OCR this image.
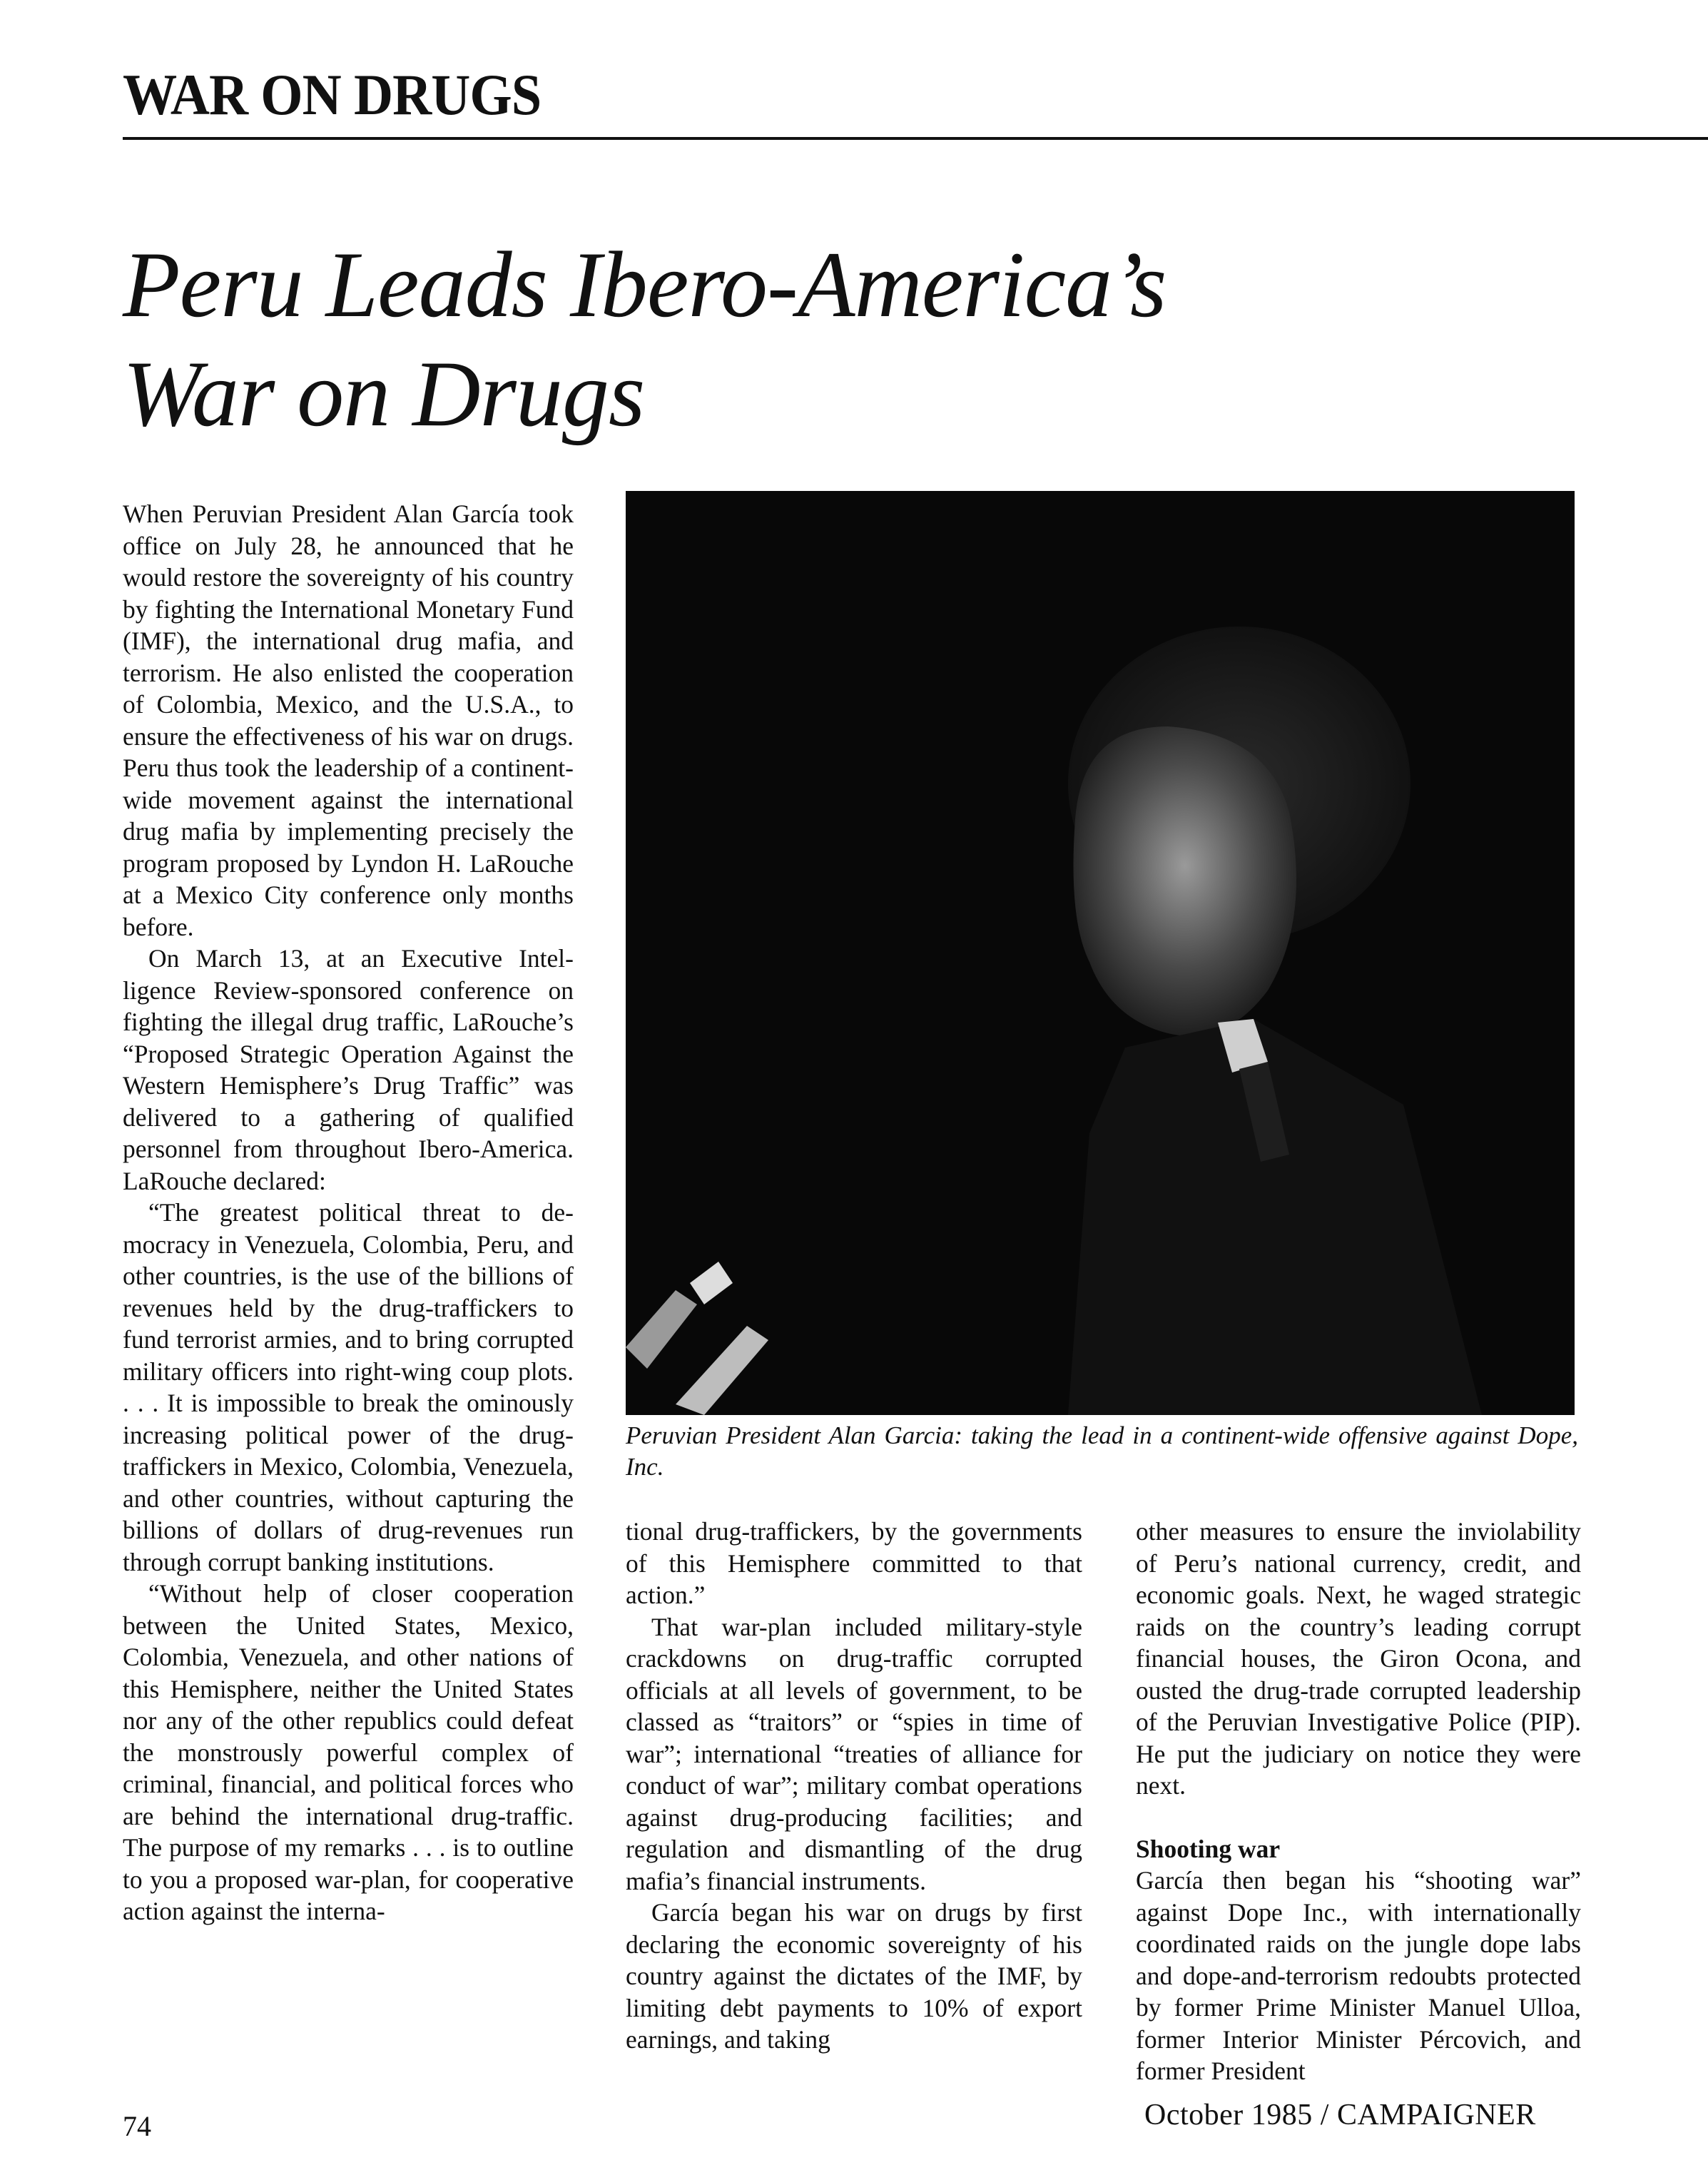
WAR ON DRUGS
Peru Leads Ibero-America’s
War on Drugs

When Peruvian President Alan García took office on July 28, he announced that he would restore the sovereignty of his country by fighting the International Monetary Fund (IMF), the international drug mafia, and terrorism. He also enlisted the cooperation of Colombia, Mexico, and the U.S.A., to ensure the effectiveness of his war on drugs. Peru thus took the leadership of a continent-wide movement against the international drug mafia by implementing precisely the program proposed by Lyndon H. LaRouche at a Mexico City conference only months before.

On March 13, at an Executive Intelligence Review-sponsored conference on fighting the illegal drug traffic, LaRouche’s “Proposed Strategic Operation Against the Western Hemisphere’s Drug Traffic” was delivered to a gathering of qualified personnel from throughout Ibero-America. LaRouche declared:

“The greatest political threat to democracy in Venezuela, Colombia, Peru, and other countries, is the use of the billions of revenues held by the drug-traffickers to fund terrorist armies, and to bring corrupted military officers into right-wing coup plots. . . . It is impossible to break the ominously increasing political power of the drug-traffickers in Mexico, Colombia, Venezuela, and other countries, without capturing the billions of dollars of drug-revenues run through corrupt banking institutions.

“Without help of closer cooperation between the United States, Mexico, Colombia, Venezuela, and other nations of this Hemisphere, neither the United States nor any of the other republics could defeat the monstrously powerful complex of criminal, financial, and political forces who are behind the international drug-traffic. The purpose of my remarks . . . is to outline to you a proposed war-plan, for cooperative action against the interna-

Peruvian President Alan Garcia: taking the lead in a continent-wide offensive against Dope, Inc.

tional drug-traffickers, by the governments of this Hemisphere committed to that action.”

That war-plan included military-style crackdowns on drug-traffic corrupted officials at all levels of government, to be classed as “traitors” or “spies in time of war”; international “treaties of alliance for conduct of war”; military combat operations against drug-producing facilities; and regulation and dismantling of the drug mafia’s financial instruments.

García began his war on drugs by first declaring the economic sovereignty of his country against the dictates of the IMF, by limiting debt payments to 10% of export earnings, and taking

other measures to ensure the inviolability of Peru’s national currency, credit, and economic goals. Next, he waged strategic raids on the country’s leading corrupt financial houses, the Giron Ocona, and ousted the drug-trade corrupted leadership of the Peruvian Investigative Police (PIP). He put the judiciary on notice they were next.

Shooting war

García then began his “shooting war” against Dope Inc., with internationally coordinated raids on the jungle dope labs and dope-and-terrorism redoubts protected by former Prime Minister Manuel Ulloa, former Interior Minister Pércovich, and former President

74	October 1985 / CAMPAIGNER
